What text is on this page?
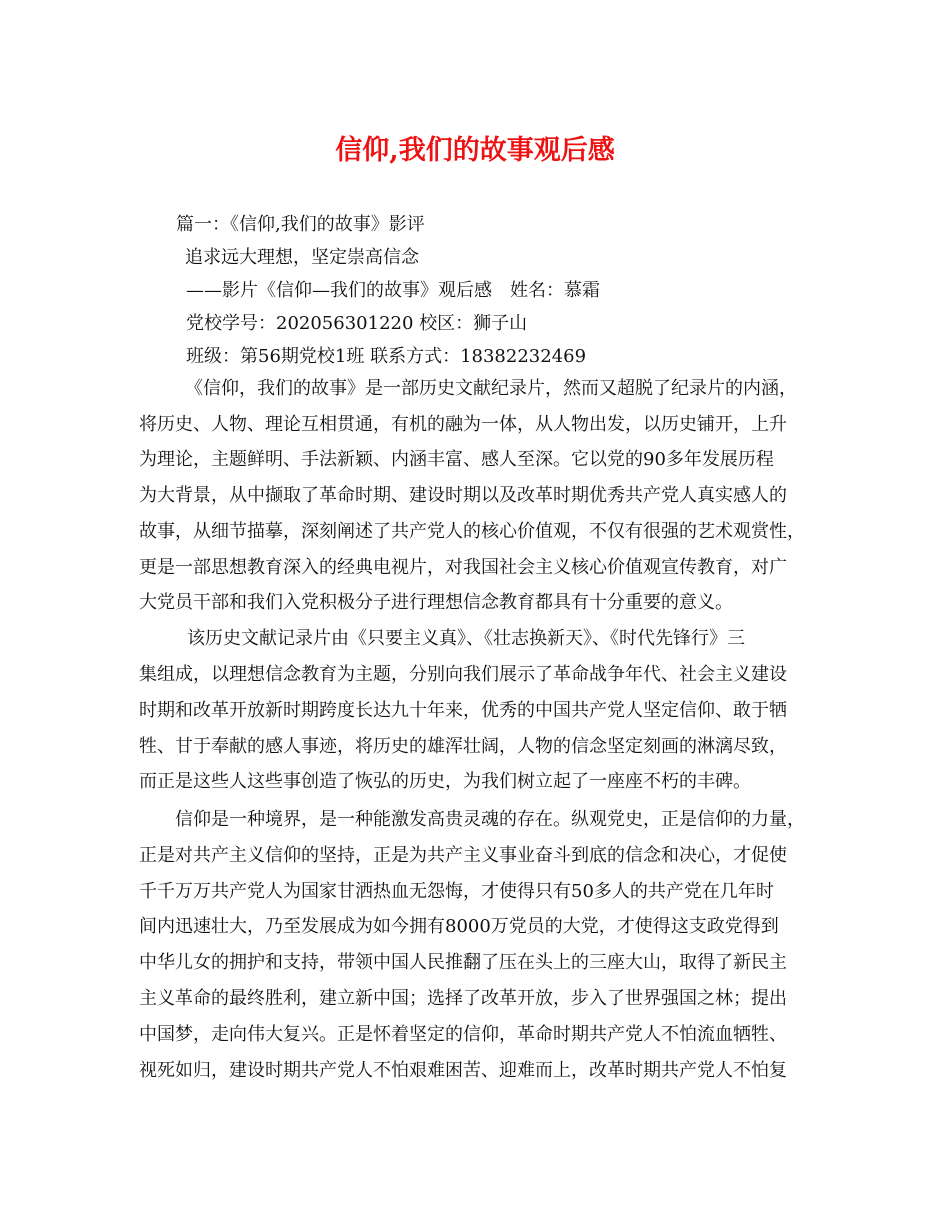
信仰,我们的故事观后感
篇一：《信仰,我们的故事》影评
追求远大理想，坚定崇高信念
——影片《信仰—我们的故事》观后感　姓名：慕霜
党校学号：202056301220 校区：狮子山
班级：第56期党校1班 联系方式：18382232469
《信仰，我们的故事》是一部历史文献纪录片，然而又超脱了纪录片的内涵，
将历史、人物、理论互相贯通，有机的融为一体，从人物出发，以历史铺开，上升
为理论，主题鲜明、手法新颖、内涵丰富、感人至深。它以党的90多年发展历程
为大背景，从中撷取了革命时期、建设时期以及改革时期优秀共产党人真实感人的
故事，从细节描摹，深刻阐述了共产党人的核心价值观，不仅有很强的艺术观赏性，
更是一部思想教育深入的经典电视片，对我国社会主义核心价值观宣传教育，对广
大党员干部和我们入党积极分子进行理想信念教育都具有十分重要的意义。
该历史文献记录片由《只要主义真》、《壮志换新天》、《时代先锋行》三
集组成，以理想信念教育为主题，分别向我们展示了革命战争年代、社会主义建设
时期和改革开放新时期跨度长达九十年来，优秀的中国共产党人坚定信仰、敢于牺
牲、甘于奉献的感人事迹，将历史的雄浑壮阔，人物的信念坚定刻画的淋漓尽致，
而正是这些人这些事创造了恢弘的历史，为我们树立起了一座座不朽的丰碑。
信仰是一种境界，是一种能激发高贵灵魂的存在。纵观党史，正是信仰的力量，
正是对共产主义信仰的坚持，正是为共产主义事业奋斗到底的信念和决心，才促使
千千万万共产党人为国家甘洒热血无怨悔，才使得只有50多人的共产党在几年时
间内迅速壮大，乃至发展成为如今拥有8000万党员的大党，才使得这支政党得到
中华儿女的拥护和支持，带领中国人民推翻了压在头上的三座大山，取得了新民主
主义革命的最终胜利，建立新中国；选择了改革开放，步入了世界强国之林；提出
中国梦，走向伟大复兴。正是怀着坚定的信仰，革命时期共产党人不怕流血牺牲、
视死如归，建设时期共产党人不怕艰难困苦、迎难而上，改革时期共产党人不怕复
